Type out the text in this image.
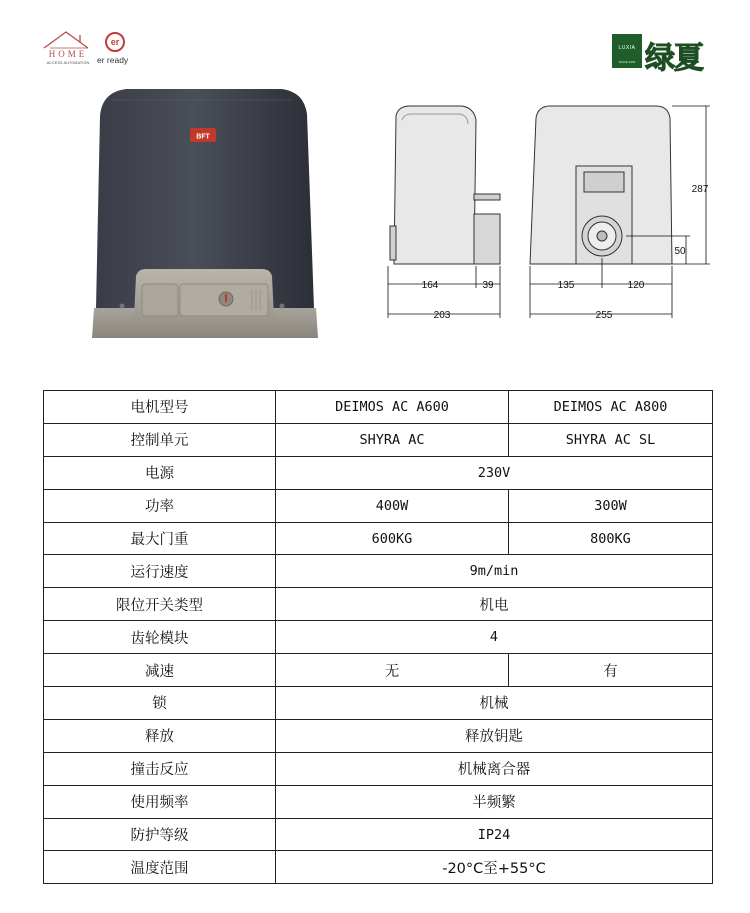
HOME
ACCESS AUTOMATION
er
er ready
LUXIA
SINCE 2000 绿夏
BFT
164	39
203
135	120
255
287
50
电机型号	DEIMOS AC A600	DEIMOS AC A800
控制单元	SHYRA AC	SHYRA AC SL
电源	230V	
功率	400W	300W
最大门重	600KG	800KG
运行速度	9m/min	
限位开关类型	机电	
齿轮模块	4	
减速	无	有
锁	机械	
释放	释放钥匙	
撞击反应	机械离合器	
使用频率	半频繁	
防护等级	IP24	
温度范围	-20°C至+55°C	
